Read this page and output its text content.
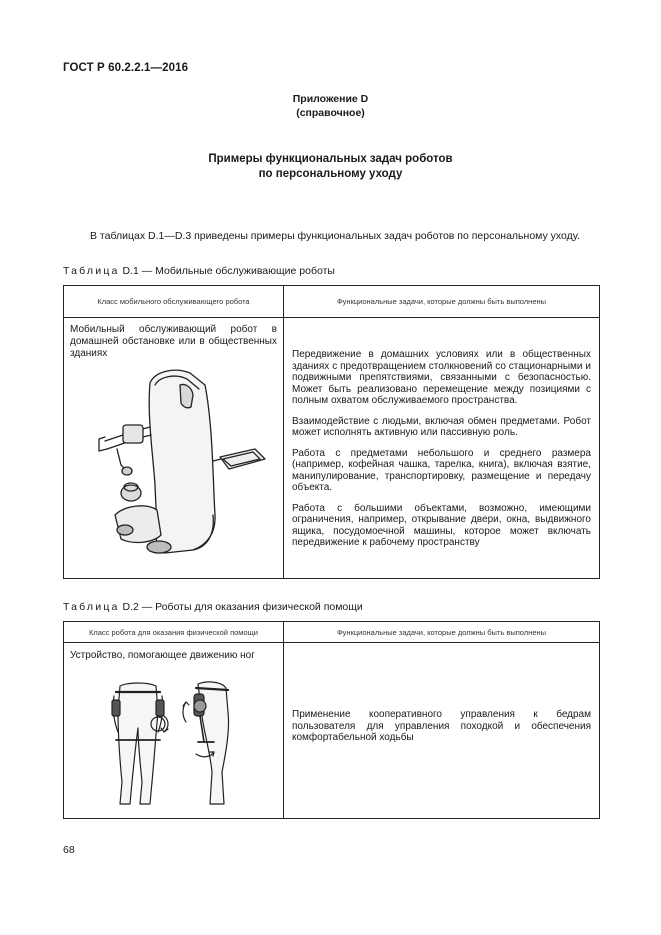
ГОСТ Р 60.2.2.1—2016
Приложение D
(справочное)
Примеры функциональных задач роботов
по персональному уходу
В таблицах D.1—D.3 приведены примеры функциональных задач роботов по персональному уходу.
Таблица D.1 — Мобильные обслуживающие роботы
Класс мобильного обслуживающего робота	Функциональные задачи, которые должны быть выполнены

Мобильный обслуживающий робот в домашней обстановке или в общественных зданиях	Передвижение в домашних условиях или в общественных зданиях с предотвращением столкновений со стационарными и подвижными препятствиями, связанными с безопасностью. Может быть реализовано перемещение между позициями с полным охватом обслуживаемого пространства.

Взаимодействие с людьми, включая обмен предметами. Робот может исполнять активную или пассивную роль.

Работа с предметами небольшого и среднего размера (например, кофейная чашка, тарелка, книга), включая взятие, манипулирование, транспортировку, размещение и передачу объекта.

Работа с большими объектами, возможно, имеющими ограничения, например, открывание двери, окна, выдвижного ящика, посудомоечной машины, которое может включать передвижение к рабочему пространству

Таблица D.2 — Роботы для оказания физической помощи
Класс робота для оказания физической помощи	Функциональные задачи, которые должны быть выполнены

Устройство, помогающее движению ног	Применение кооперативного управления к бедрам пользователя для управления походкой и обеспечения комфортабельной ходьбы

68
